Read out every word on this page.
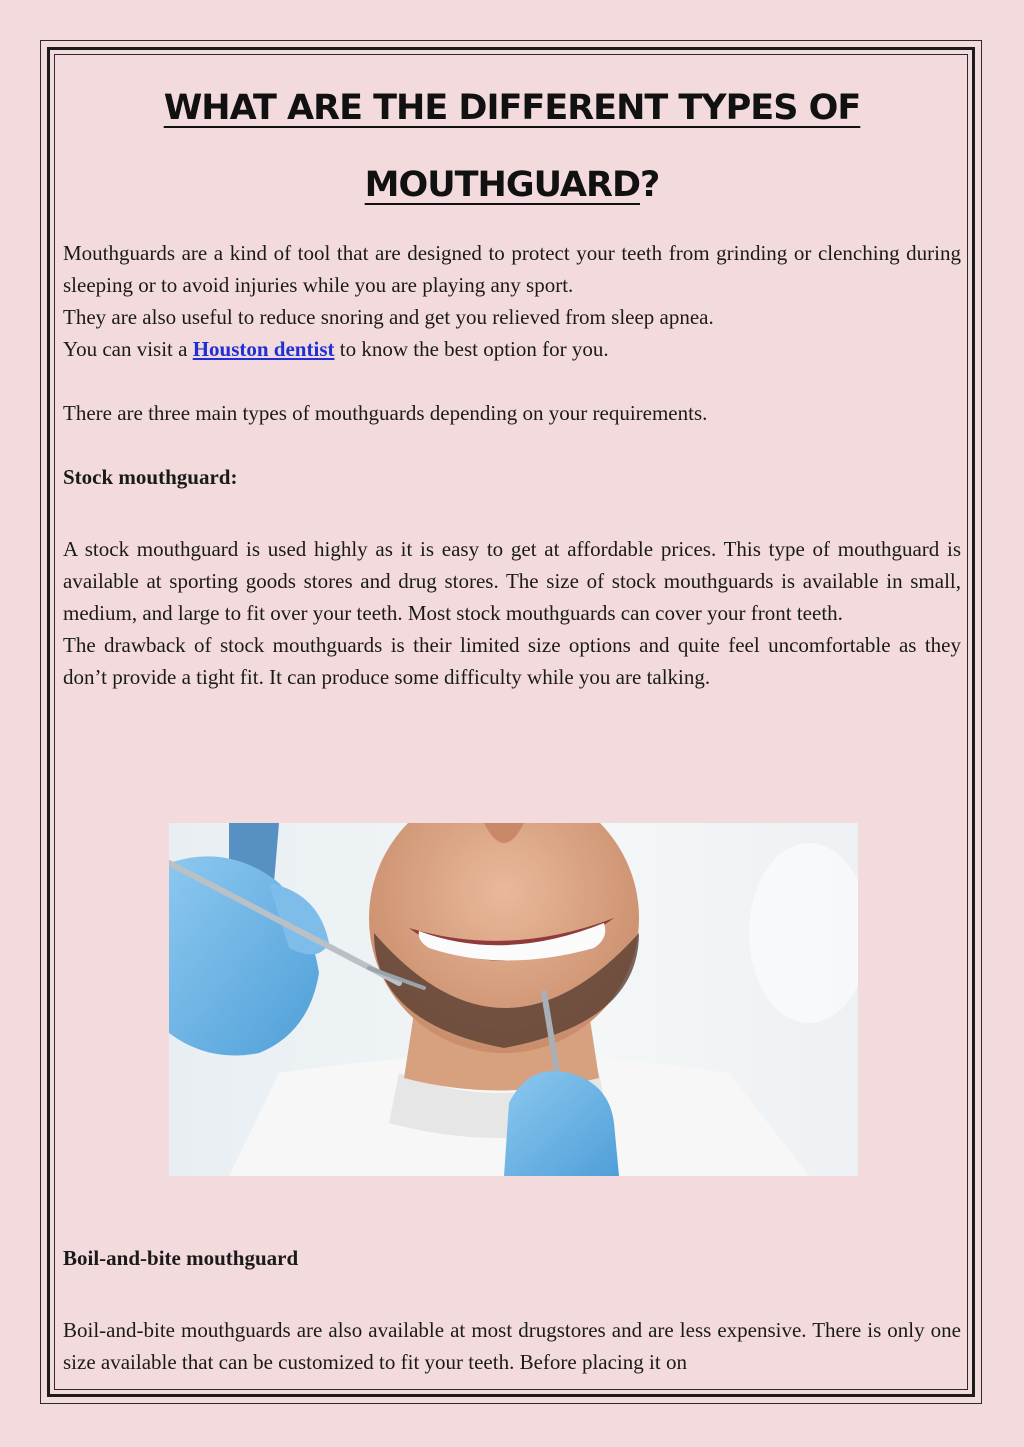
WHAT ARE THE DIFFERENT TYPES OF
MOUTHGUARD?

Mouthguards are a kind of tool that are designed to protect your teeth from grinding or clenching during sleeping or to avoid injuries while you are playing any sport.

They are also useful to reduce snoring and get you relieved from sleep apnea.

You can visit a Houston dentist to know the best option for you.

There are three main types of mouthguards depending on your requirements.

Stock mouthguard:

A stock mouthguard is used highly as it is easy to get at affordable prices. This type of mouthguard is available at sporting goods stores and drug stores. The size of stock mouthguards is available in small, medium, and large to fit over your teeth. Most stock mouthguards can cover your front teeth.

The drawback of stock mouthguards is their limited size options and quite feel uncomfortable as they don’t provide a tight fit. It can produce some difficulty while you are talking.

Boil-and-bite mouthguard

Boil-and-bite mouthguards are also available at most drugstores and are less expensive. There is only one size available that can be customized to fit your teeth. Before placing it on
